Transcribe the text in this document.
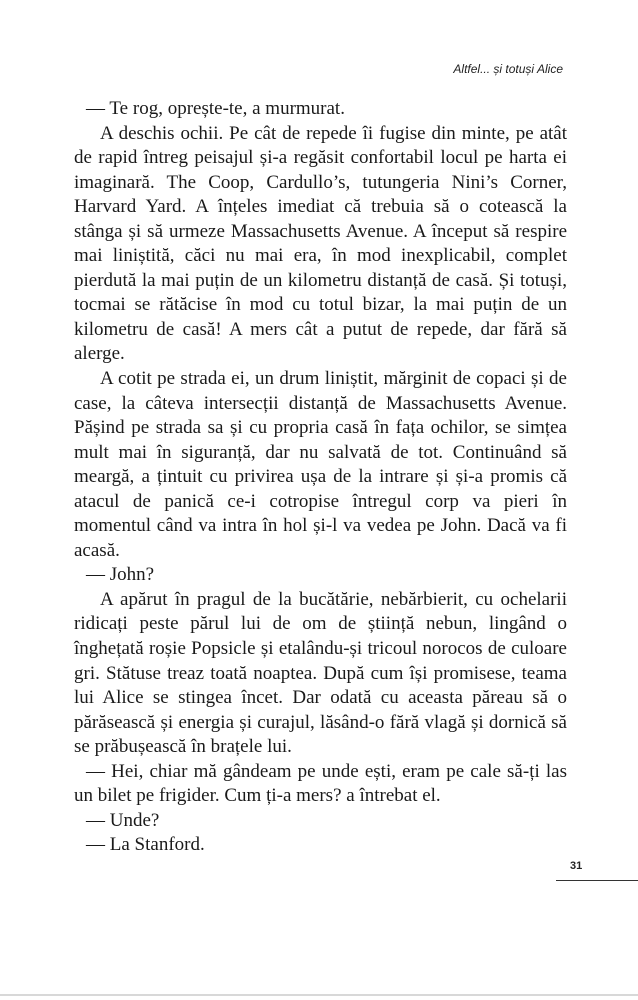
Altfel... și totuși Alice

— Te rog, oprește-te, a murmurat.

A deschis ochii. Pe cât de repede îi fugise din minte, pe atât de rapid întreg peisajul și-a regăsit confortabil locul pe harta ei imaginară. The Coop, Cardullo’s, tutungeria Nini’s Corner, Harvard Yard. A înțeles imediat că trebuia să o cotească la stânga și să urmeze Massachusetts Avenue. A început să respire mai liniștită, căci nu mai era, în mod inexplicabil, complet pierdută la mai puțin de un kilometru distanță de casă. Și totuși, tocmai se rătăcise în mod cu totul bizar, la mai puțin de un kilometru de casă! A mers cât a putut de repede, dar fără să alerge.

A cotit pe strada ei, un drum liniștit, mărginit de copaci și de case, la câteva intersecții distanță de Massachusetts Avenue. Pășind pe strada sa și cu propria casă în fața ochilor, se simțea mult mai în siguranță, dar nu salvată de tot. Continuând să meargă, a țintuit cu privirea ușa de la intrare și și-a promis că atacul de panică ce-i cotropise întregul corp va pieri în momentul când va intra în hol și-l va vedea pe John. Dacă va fi acasă.

— John?

A apărut în pragul de la bucătărie, nebărbierit, cu ochelarii ridicați peste părul lui de om de știință nebun, lingând o înghețată roșie Popsicle și etalându-și tricoul norocos de culoare gri. Stătuse treaz toată noaptea. După cum își promisese, teama lui Alice se stingea încet. Dar odată cu aceasta păreau să o părăsească și energia și curajul, lăsând-o fără vlagă și dornică să se prăbușească în brațele lui.

— Hei, chiar mă gândeam pe unde ești, eram pe cale să-ți las un bilet pe frigider. Cum ți-a mers? a întrebat el.

— Unde?

— La Stanford.

31
